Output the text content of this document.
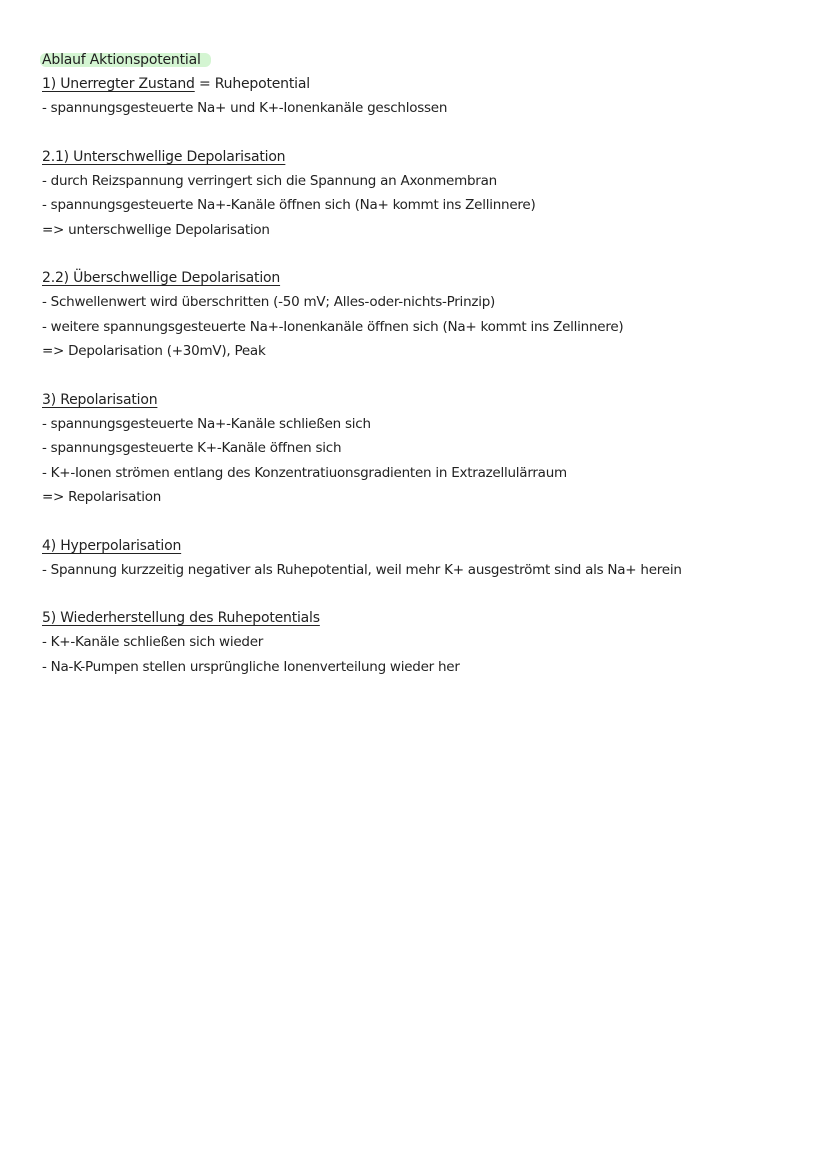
Ablauf Aktionspotential
1) Unerregter Zustand = Ruhepotential
- spannungsgesteuerte Na+ und K+-Ionenkanäle geschlossen
2.1) Unterschwellige Depolarisation
- durch Reizspannung verringert sich die Spannung an Axonmembran
- spannungsgesteuerte Na+-Kanäle öffnen sich (Na+ kommt ins Zellinnere)
=> unterschwellige Depolarisation
2.2) Überschwellige Depolarisation
- Schwellenwert wird überschritten (-50 mV; Alles-oder-nichts-Prinzip)
- weitere spannungsgesteuerte Na+-Ionenkanäle öffnen sich (Na+ kommt ins Zellinnere)
=> Depolarisation (+30mV), Peak
3) Repolarisation
- spannungsgesteuerte Na+-Kanäle schließen sich
- spannungsgesteuerte K+-Kanäle öffnen sich
- K+-Ionen strömen entlang des Konzentratiuonsgradienten in Extrazellulärraum
=> Repolarisation
4) Hyperpolarisation
- Spannung kurzzeitig negativer als Ruhepotential, weil mehr K+ ausgeströmt sind als Na+ herein
5) Wiederherstellung des Ruhepotentials
- K+-Kanäle schließen sich wieder
- Na-K-Pumpen stellen ursprüngliche Ionenverteilung wieder her
